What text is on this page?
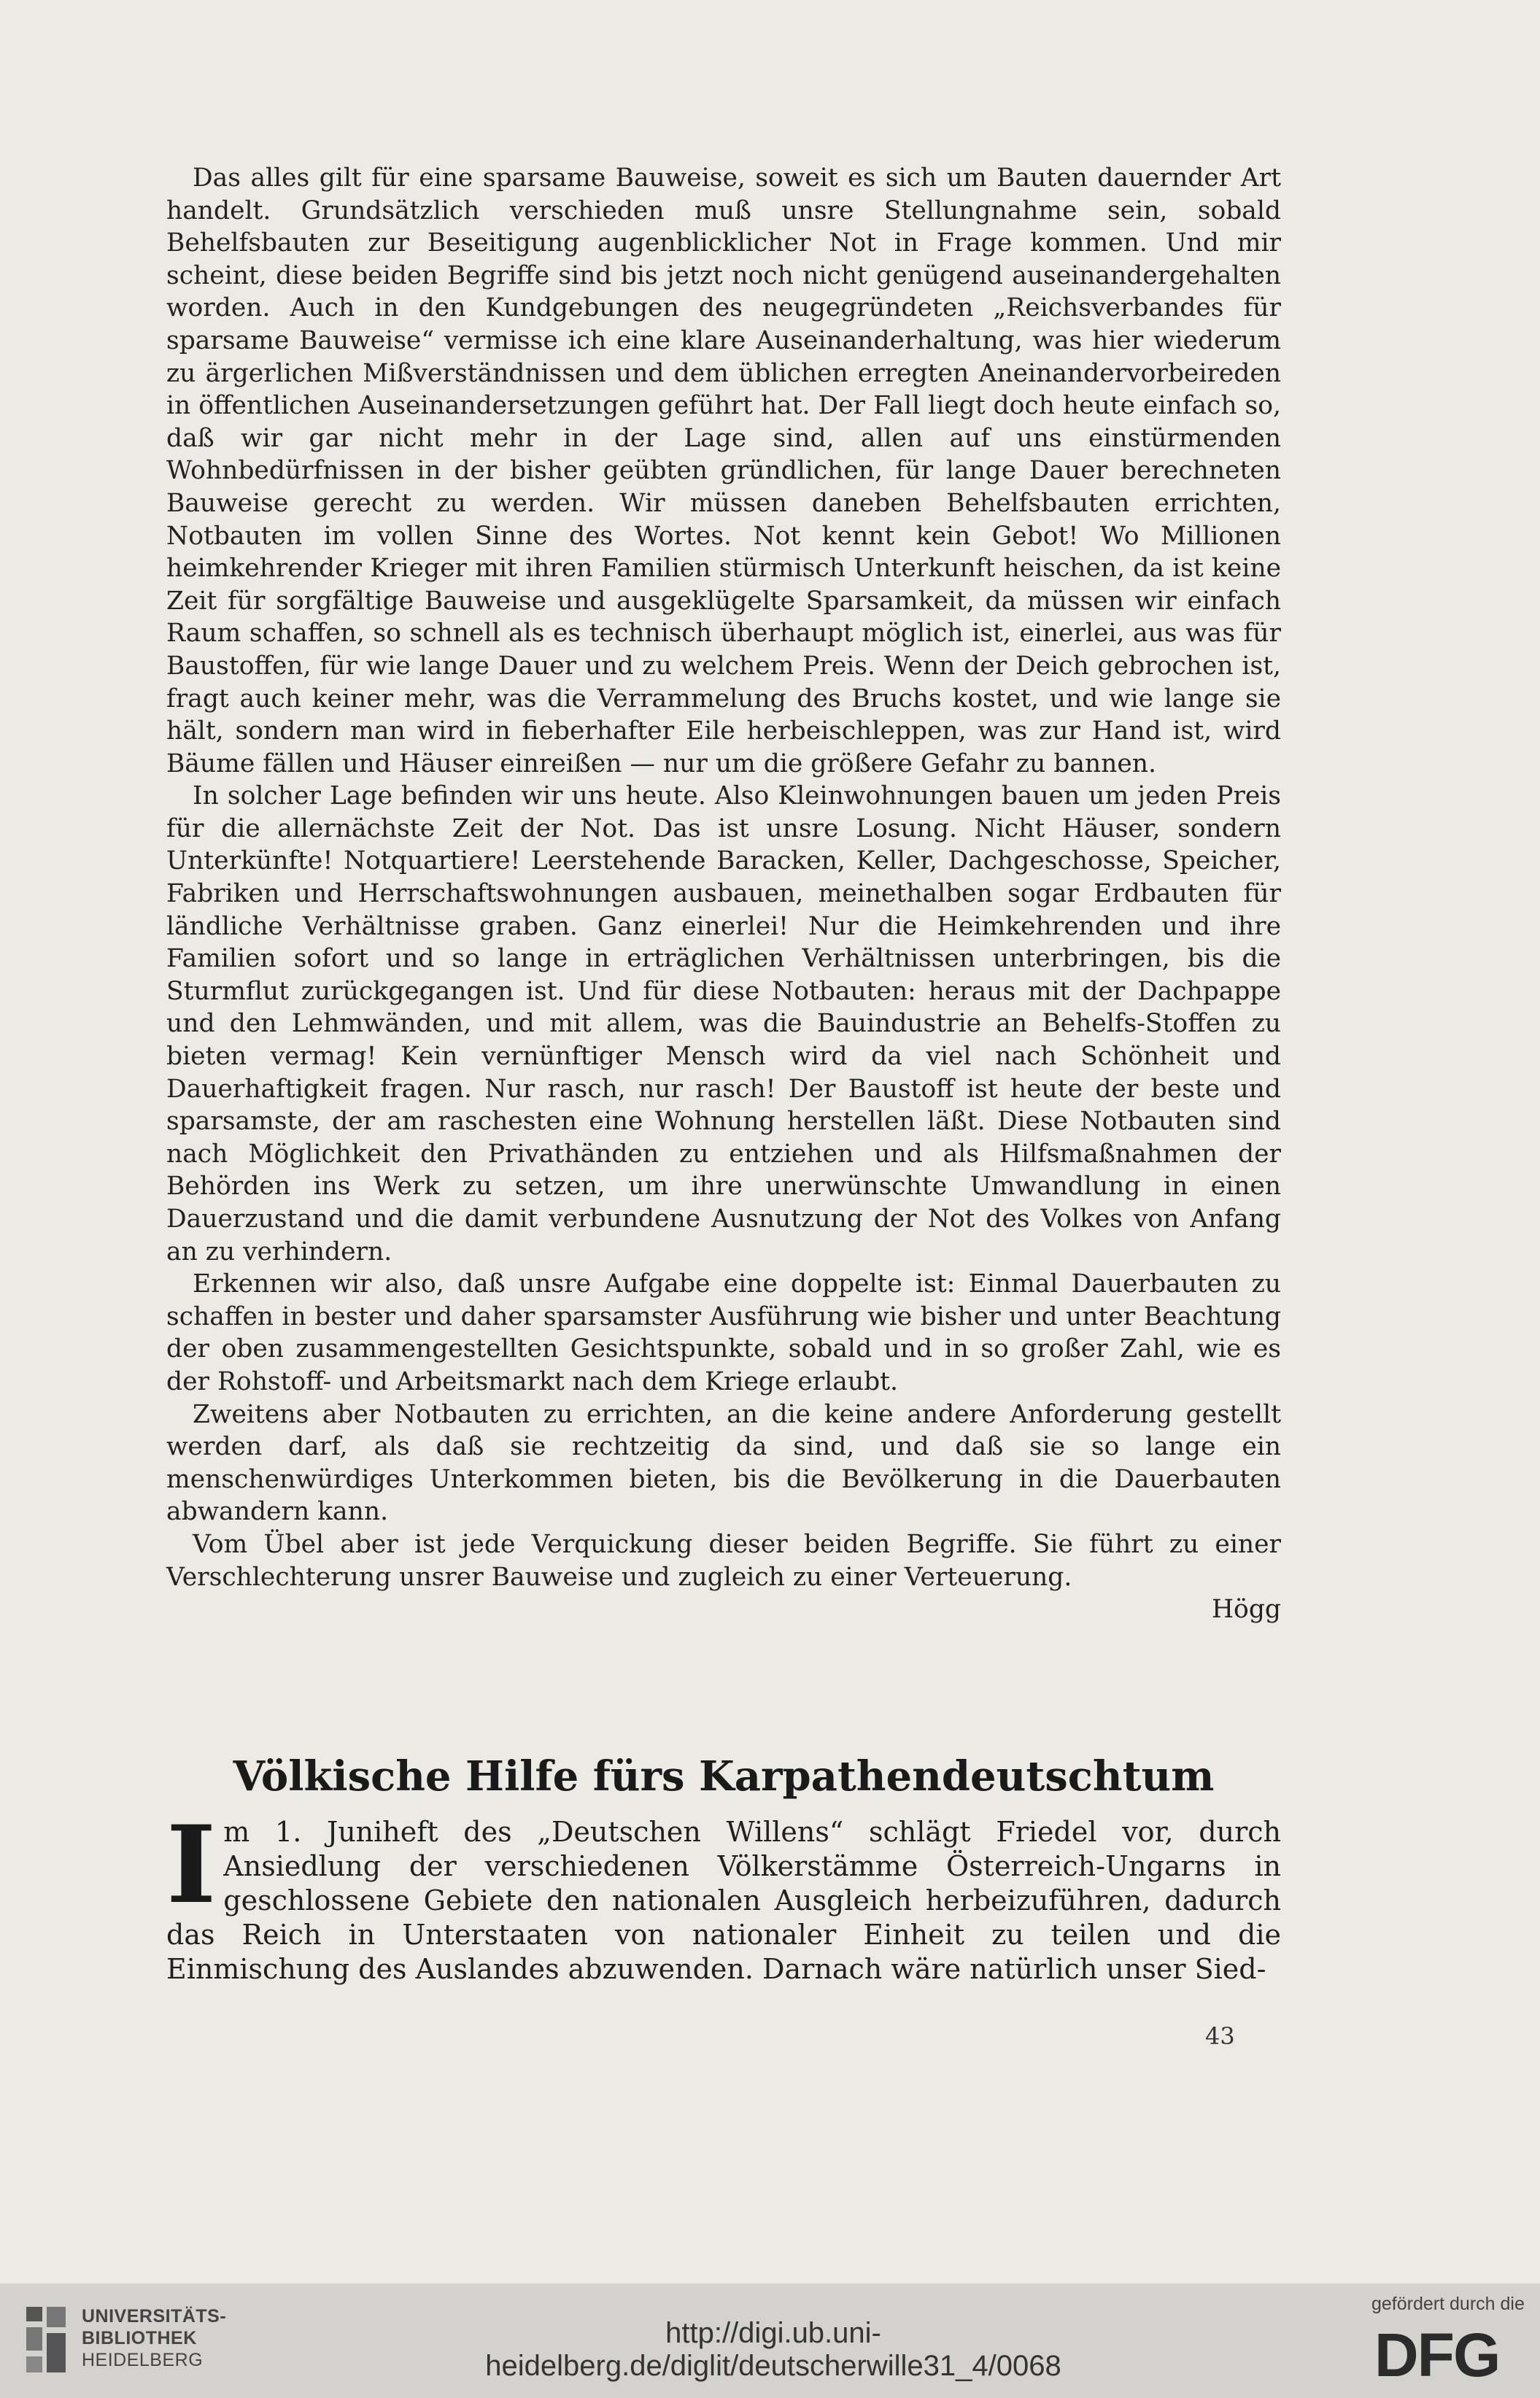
Das alles gilt für eine sparsame Bauweise, soweit es sich um Bauten dauernder Art handelt. Grundsätzlich verschieden muß unsre Stellungnahme sein, sobald Behelfsbauten zur Beseitigung augenblicklicher Not in Frage kommen. Und mir scheint, diese beiden Begriffe sind bis jetzt noch nicht genügend auseinandergehalten worden. Auch in den Kundgebungen des neugegründeten „Reichsverbandes für sparsame Bauweise“ vermisse ich eine klare Auseinanderhaltung, was hier wiederum zu ärgerlichen Mißverständnissen und dem üblichen erregten Aneinandervorbeireden in öffentlichen Auseinandersetzungen geführt hat. Der Fall liegt doch heute einfach so, daß wir gar nicht mehr in der Lage sind, allen auf uns einstürmenden Wohnbedürfnissen in der bisher geübten gründlichen, für lange Dauer berechneten Bauweise gerecht zu werden. Wir müssen daneben Behelfsbauten errichten, Notbauten im vollen Sinne des Wortes. Not kennt kein Gebot! Wo Millionen heimkehrender Krieger mit ihren Familien stürmisch Unterkunft heischen, da ist keine Zeit für sorgfältige Bauweise und ausgeklügelte Sparsamkeit, da müssen wir einfach Raum schaffen, so schnell als es technisch überhaupt möglich ist, einerlei, aus was für Baustoffen, für wie lange Dauer und zu welchem Preis. Wenn der Deich gebrochen ist, fragt auch keiner mehr, was die Verrammelung des Bruchs kostet, und wie lange sie hält, sondern man wird in fieberhafter Eile herbeischleppen, was zur Hand ist, wird Bäume fällen und Häuser einreißen — nur um die größere Gefahr zu bannen.

In solcher Lage befinden wir uns heute. Also Kleinwohnungen bauen um jeden Preis für die allernächste Zeit der Not. Das ist unsre Losung. Nicht Häuser, sondern Unterkünfte! Notquartiere! Leerstehende Baracken, Keller, Dachgeschosse, Speicher, Fabriken und Herrschaftswohnungen ausbauen, meinethalben sogar Erdbauten für ländliche Verhältnisse graben. Ganz einerlei! Nur die Heimkehrenden und ihre Familien sofort und so lange in erträglichen Verhältnissen unterbringen, bis die Sturmflut zurückgegangen ist. Und für diese Notbauten: heraus mit der Dachpappe und den Lehmwänden, und mit allem, was die Bauindustrie an Behelfs-Stoffen zu bieten vermag! Kein vernünftiger Mensch wird da viel nach Schönheit und Dauerhaftigkeit fragen. Nur rasch, nur rasch! Der Baustoff ist heute der beste und sparsamste, der am raschesten eine Wohnung herstellen läßt. Diese Notbauten sind nach Möglichkeit den Privathänden zu entziehen und als Hilfsmaßnahmen der Behörden ins Werk zu setzen, um ihre unerwünschte Umwandlung in einen Dauerzustand und die damit verbundene Ausnutzung der Not des Volkes von Anfang an zu verhindern.

Erkennen wir also, daß unsre Aufgabe eine doppelte ist: Einmal Dauerbauten zu schaffen in bester und daher sparsamster Ausführung wie bisher und unter Beachtung der oben zusammengestellten Gesichtspunkte, sobald und in so großer Zahl, wie es der Rohstoff- und Arbeitsmarkt nach dem Kriege erlaubt.

Zweitens aber Notbauten zu errichten, an die keine andere Anforderung gestellt werden darf, als daß sie rechtzeitig da sind, und daß sie so lange ein menschenwürdiges Unterkommen bieten, bis die Bevölkerung in die Dauerbauten abwandern kann.

Vom Übel aber ist jede Verquickung dieser beiden Begriffe. Sie führt zu einer Verschlechterung unsrer Bauweise und zugleich zu einer Verteuerung.

Högg
Völkische Hilfe fürs Karpathendeutschtum
I m 1. Juniheft des „Deutschen Willens“ schlägt Friedel vor, durch Ansiedlung der verschiedenen Völkerstämme Österreich-Ungarns in geschlossene Gebiete den nationalen Ausgleich herbeizuführen, dadurch das Reich in Unterstaaten von nationaler Einheit zu teilen und die Einmischung des Auslandes abzuwenden. Darnach wäre natürlich unser Sied-
43
UNIVERSITÄTS-
BIBLIOTHEK
HEIDELBERG
http://digi.ub.uni-heidelberg.de/diglit/deutscherwille31_4/0068
gefördert durch die
DFG
